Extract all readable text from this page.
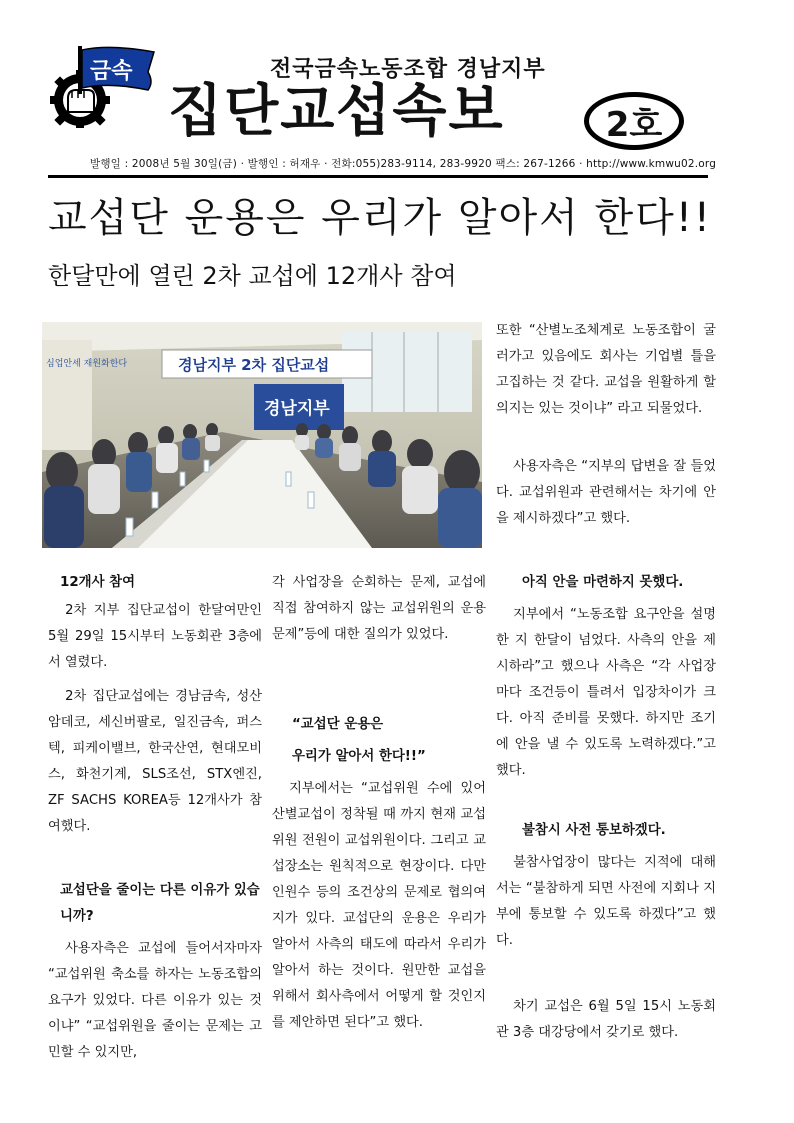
금속	전국금속노동조합 경남지부
집단교섭속보	2호
발행일 : 2008년 5월 30일(금) · 발행인 : 허재우 · 전화:055)283-9114, 283-9920 팩스: 267-1266 · http://www.kmwu02.org
교섭단 운용은 우리가 알아서 한다!!
한달만에 열린 2차 교섭에 12개사 참여
심업안세 재원화한다	경남지부 2차 집단교섭
경남지부
12개사 참여
2차 지부 집단교섭이 한달여만인 5월 29일 15시부터 노동회관 3층에서 열렸다.
2차 집단교섭에는 경남금속, 성산암데코, 세신버팔로, 일진금속, 퍼스텍, 피케이밸브, 한국산연, 현대모비스, 화천기계, SLS조선, STX엔진, ZF SACHS KOREA등 12개사가 참여했다.
교섭단을 줄이는 다른 이유가 있습니까?
사용자측은 교섭에 들어서자마자 “교섭위원 축소를 하자는 노동조합의 요구가 있었다. 다른 이유가 있는 것이냐” “교섭위원을 줄이는 문제는 고민할 수 있지만,
각 사업장을 순회하는 문제, 교섭에 직접 참여하지 않는 교섭위원의 운용문제”등에 대한 질의가 있었다.
“교섭단 운용은
우리가 알아서 한다!!”
지부에서는 “교섭위원 수에 있어 산별교섭이 정착될 때 까지 현재 교섭위원 전원이 교섭위원이다. 그리고 교섭장소는 원칙적으로 현장이다. 다만 인원수 등의 조건상의 문제로 협의여지가 있다. 교섭단의 운용은 우리가 알아서 사측의 태도에 따라서 우리가 알아서 하는 것이다. 원만한 교섭을 위해서 회사측에서 어떻게 할 것인지를 제안하면 된다”고 했다.
또한 “산별노조체계로 노동조합이 굴러가고 있음에도 회사는 기업별 틀을 고집하는 것 같다. 교섭을 원활하게 할 의지는 있는 것이냐” 라고 되물었다.
사용자측은 “지부의 답변을 잘 들었다. 교섭위원과 관련해서는 차기에 안을 제시하겠다”고 했다.
아직 안을 마련하지 못했다.
지부에서 “노동조합 요구안을 설명한 지 한달이 넘었다. 사측의 안을 제시하라”고 했으나 사측은 “각 사업장마다 조건등이 틀려서 입장차이가 크다. 아직 준비를 못했다. 하지만 조기에 안을 낼 수 있도록 노력하겠다.”고 했다.
불참시 사전 통보하겠다.
불참사업장이 많다는 지적에 대해서는 “불참하게 되면 사전에 지회나 지부에 통보할 수 있도록 하겠다”고 했다.
차기 교섭은 6월 5일 15시 노동회관 3층 대강당에서 갖기로 했다.
